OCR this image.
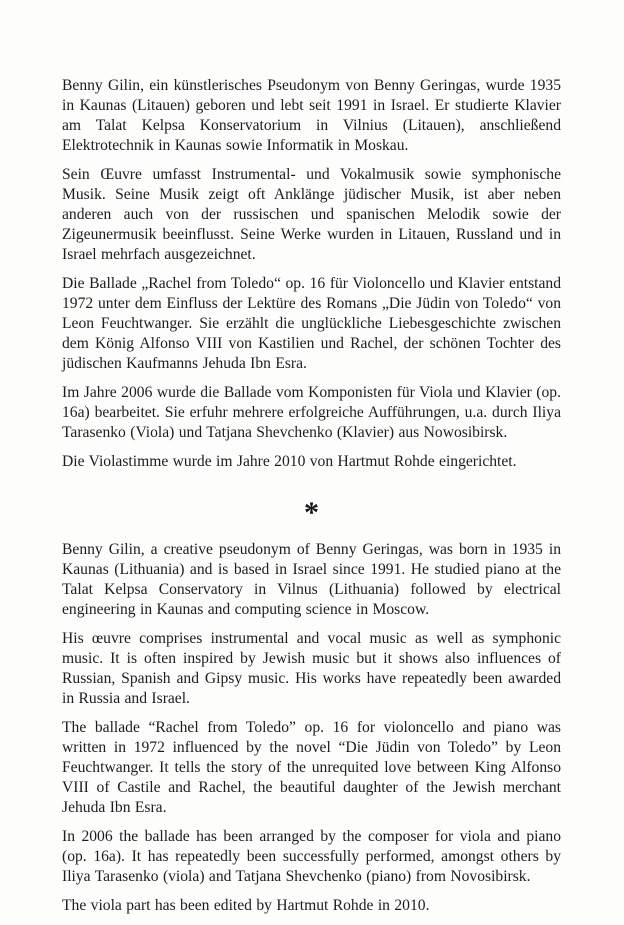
Benny Gilin, ein künstlerisches Pseudonym von Benny Geringas, wurde 1935 in Kaunas (Litauen) geboren und lebt seit 1991 in Israel. Er studierte Klavier am Talat Kelpsa Konservatorium in Vilnius (Litauen), anschließend Elektrotechnik in Kaunas sowie Informatik in Moskau.

Sein Œuvre umfasst Instrumental- und Vokalmusik sowie symphonische Musik. Seine Musik zeigt oft Anklänge jüdischer Musik, ist aber neben anderen auch von der russischen und spanischen Melodik sowie der Zigeunermusik beeinflusst. Seine Werke wurden in Litauen, Russland und in Israel mehrfach ausgezeichnet.

Die Ballade „Rachel from Toledo“ op. 16 für Violoncello und Klavier entstand 1972 unter dem Einfluss der Lektüre des Romans „Die Jüdin von Toledo“ von Leon Feuchtwanger. Sie erzählt die unglückliche Liebesgeschichte zwischen dem König Alfonso VIII von Kastilien und Rachel, der schönen Tochter des jüdischen Kaufmanns Jehuda Ibn Esra.

Im Jahre 2006 wurde die Ballade vom Komponisten für Viola und Klavier (op. 16a) bearbeitet. Sie erfuhr mehrere erfolgreiche Aufführungen, u.a. durch Iliya Tarasenko (Viola) und Tatjana Shevchenko (Klavier) aus Nowosibirsk.

Die Violastimme wurde im Jahre 2010 von Hartmut Rohde eingerichtet.

*

Benny Gilin, a creative pseudonym of Benny Geringas, was born in 1935 in Kaunas (Lithuania) and is based in Israel since 1991. He studied piano at the Talat Kelpsa Conservatory in Vilnus (Lithuania) followed by electrical engineering in Kaunas and computing science in Moscow.

His œuvre comprises instrumental and vocal music as well as symphonic music. It is often inspired by Jewish music but it shows also influences of Russian, Spanish and Gipsy music. His works have repeatedly been awarded in Russia and Israel.

The ballade “Rachel from Toledo” op. 16 for violoncello and piano was written in 1972 influenced by the novel “Die Jüdin von Toledo” by Leon Feuchtwanger. It tells the story of the unrequited love between King Alfonso VIII of Castile and Rachel, the beautiful daughter of the Jewish merchant Jehuda Ibn Esra.

In 2006 the ballade has been arranged by the composer for viola and piano (op. 16a). It has repeatedly been successfully performed, amongst others by Iliya Tarasenko (viola) and Tatjana Shevchenko (piano) from Novosibirsk.

The viola part has been edited by Hartmut Rohde in 2010.
